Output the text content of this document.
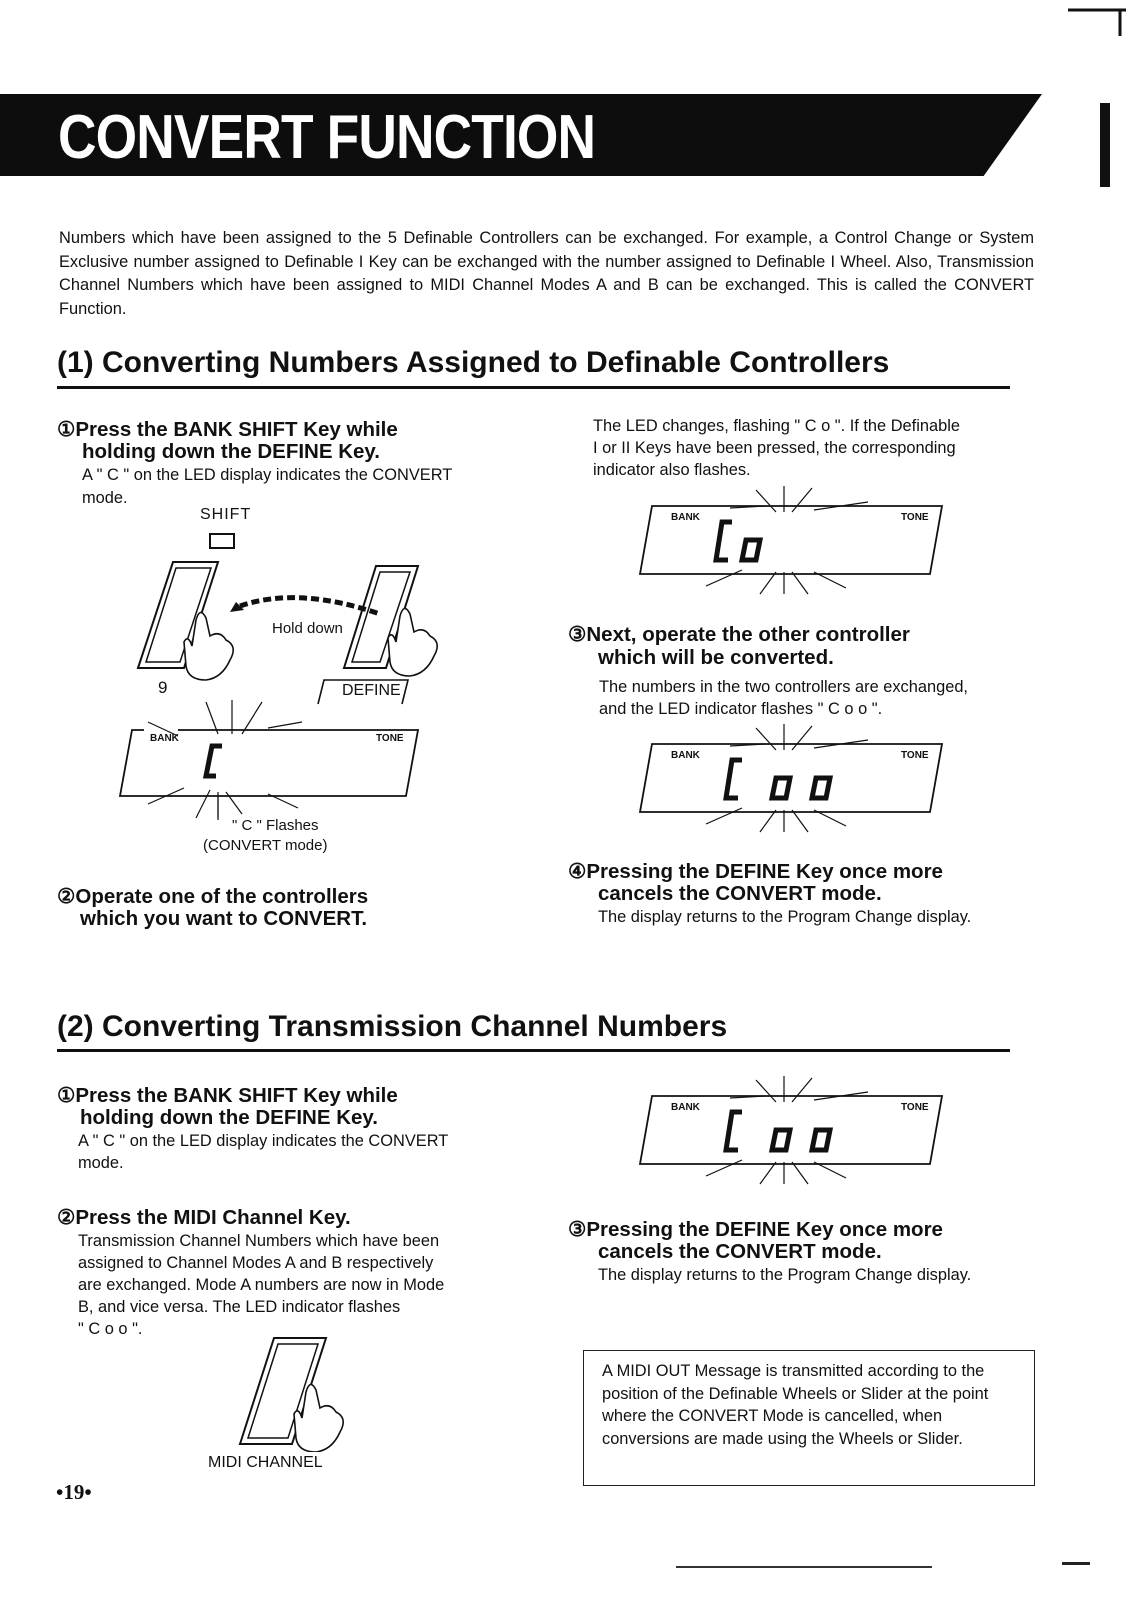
CONVERT FUNCTION
Numbers which have been assigned to the 5 Definable Controllers can be exchanged. For example, a Control Change or System Exclusive number assigned to Definable I Key can be exchanged with the number assigned to Definable I Wheel. Also, Transmission Channel Numbers which have been assigned to MIDI Channel Modes A and B can be exchanged. This is called the CONVERT Function.
(1) Converting Numbers Assigned to Definable Controllers
①Press the BANK SHIFT Key while
holding down the DEFINE Key.
A " C " on the LED display indicates the CONVERT
mode.
SHIFT
Hold down
9	DEFINE
BANK	TONE
" C " Flashes
(CONVERT mode)
②Operate one of the controllers
which you want to CONVERT.
The LED changes, flashing " C o ". If the Definable
I or II Keys have been pressed, the corresponding
indicator also flashes.
BANK	TONE
③Next, operate the other controller
which will be converted.
The numbers in the two controllers are exchanged,
and the LED indicator flashes " C o o ".
BANK	TONE
④Pressing the DEFINE Key once more
cancels the CONVERT mode.
The display returns to the Program Change display.
(2) Converting Transmission Channel Numbers
①Press the BANK SHIFT Key while
holding down the DEFINE Key.
A " C " on the LED display indicates the CONVERT
mode.
②Press the MIDI Channel Key.
Transmission Channel Numbers which have been
assigned to Channel Modes A and B respectively
are exchanged. Mode A numbers are now in Mode
B, and vice versa. The LED indicator flashes
" C o o ".
MIDI CHANNEL
BANK	TONE
③Pressing the DEFINE Key once more
cancels the CONVERT mode.
The display returns to the Program Change display.
A MIDI OUT Message is transmitted according to the position of the Definable Wheels or Slider at the point where the CONVERT Mode is cancelled, when conversions are made using the Wheels or Slider.
•19•
